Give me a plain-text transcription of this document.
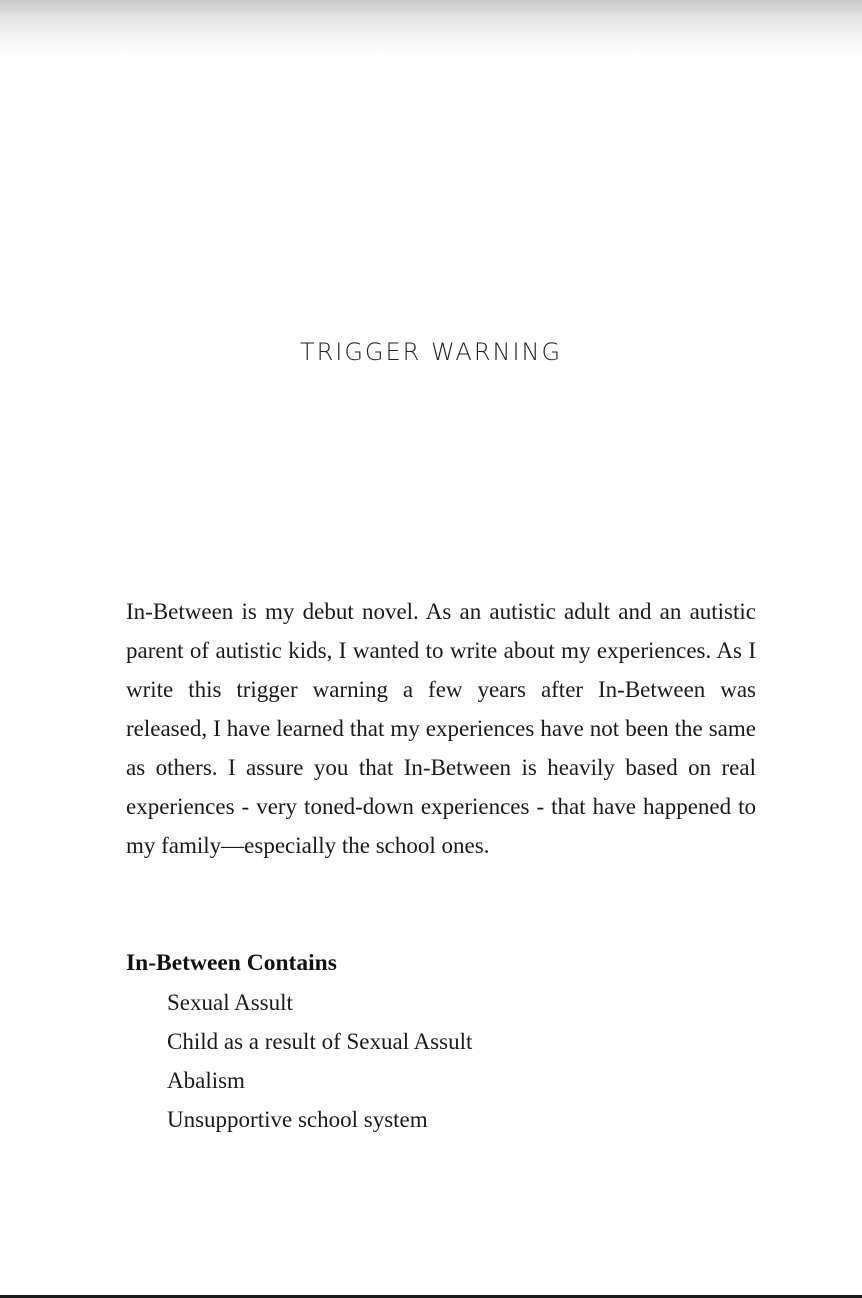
TRIGGER WARNING

In-Between is my debut novel. As an autistic adult and an autistic parent of autistic kids, I wanted to write about my experiences. As I write this trigger warning a few years after In-Between was released, I have learned that my experiences have not been the same as others. I assure you that In-Between is heavily based on real experiences - very toned-down experiences - that have happened to my family—especially the school ones.

In-Between Contains
Sexual Assult
Child as a result of Sexual Assult
Abalism
Unsupportive school system
